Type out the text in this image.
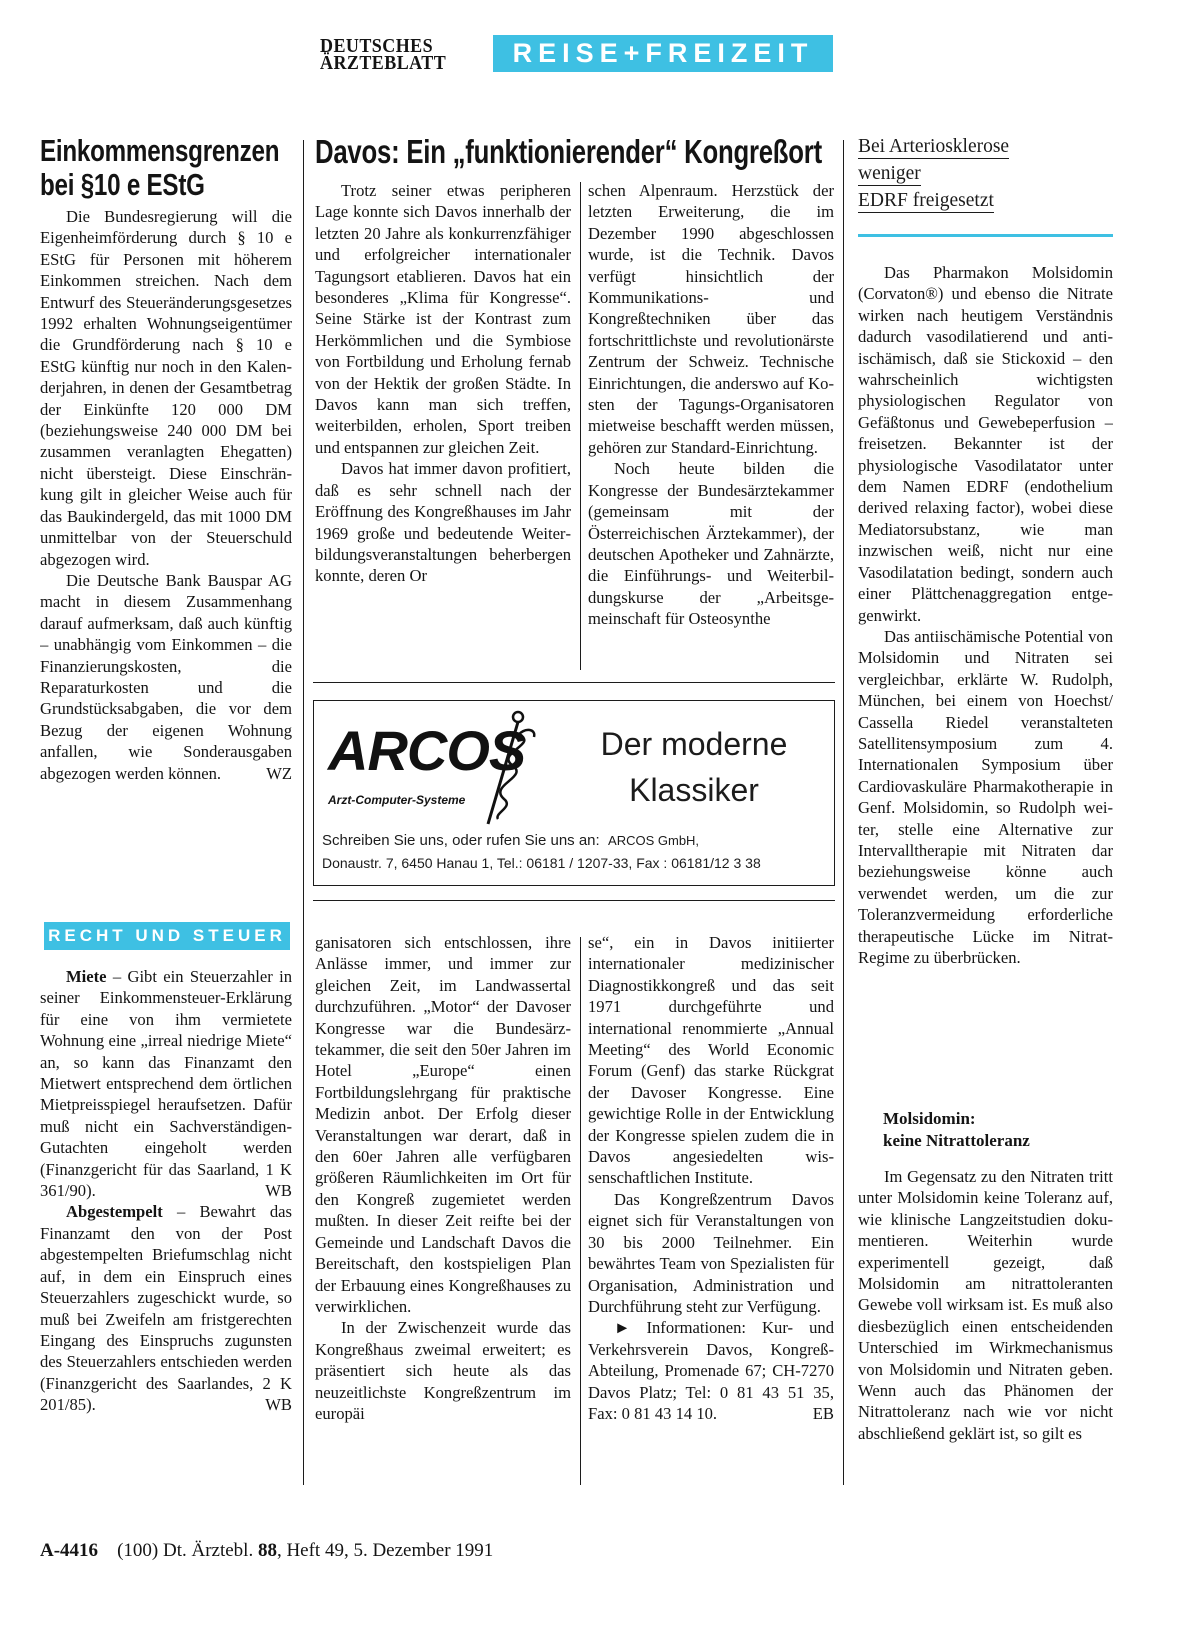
DEUTSCHES
ÄRZTEBLATT REISE+FREIZEIT
Einkommensgrenzen
bei §10 e EStG

Die Bundesregierung will die Eigenheimförderung durch § 10 e EStG für Personen mit höherem Einkommen streichen. Nach dem Entwurf des Steueränderungsgesetzes 1992 erhalten Wohnungseigentümer die Grundförderung nach § 10 e EStG künftig nur noch in den Kalenderjahren, in denen der Gesamtbetrag der Einkünfte 120 000 DM (beziehungsweise 240 000 DM bei zusammen veranlagten Ehegatten) nicht übersteigt. Diese Einschränkung gilt in gleicher Weise auch für das Baukindergeld, das mit 1000 DM unmittelbar von der Steuerschuld abgezogen wird.

Die Deutsche Bank Bauspar AG macht in diesem Zusammenhang darauf aufmerksam, daß auch künftig – unabhängig vom Einkommen – die Finanzierungskosten, die Reparaturkosten und die Grundstücksabgaben, die vor dem Bezug der eigenen Wohnung anfallen, wie Sonderausgaben abgezogen werden können.	WZ

RECHT UND STEUER

Miete – Gibt ein Steuerzahler in seiner Einkommensteuer-Erklärung für eine von ihm vermietete Wohnung eine „irreal niedrige Miete“ an, so kann das Finanzamt den Mietwert entsprechend dem örtlichen Mietpreisspiegel heraufsetzen. Dafür muß nicht ein Sachverständigen-Gutachten eingeholt werden (Finanzgericht für das Saarland, 1 K 361/90).	WB

Abgestempelt – Bewahrt das Finanzamt den von der Post abgestempelten Briefumschlag nicht auf, in dem ein Einspruch eines Steuerzahlers zugeschickt wurde, so muß bei Zweifeln am fristgerechten Eingang des Einspruchs zugunsten des Steuerzahlers entschieden werden (Finanzgericht des Saarlandes, 2 K 201/85).	WB

Davos: Ein „funktionierender“ Kongreßort

Trotz seiner etwas peripheren Lage konnte sich Davos innerhalb der letzten 20 Jahre als konkurrenzfähiger und erfolgreicher internationaler Tagungsort etablieren. Davos hat ein besonderes „Klima für Kongresse“. Seine Stärke ist der Kontrast zum Herkömmlichen und die Symbiose von Fortbildung und Erholung fernab von der Hektik der großen Städte. In Davos kann man sich treffen, weiterbilden, erholen, Sport treiben und entspannen zur gleichen Zeit.

Davos hat immer davon profitiert, daß es sehr schnell nach der Eröffnung des Kongreßhauses im Jahr 1969 große und bedeutende Weiterbildungsveranstaltungen beherbergen konnte, deren Or

schen Alpenraum. Herzstück der letzten Erweiterung, die im Dezember 1990 abgeschlossen wurde, ist die Technik. Davos verfügt hinsichtlich der Kommunikations- und Kongreßtechniken über das fortschrittlichste und revolutionärste Zentrum der Schweiz. Technische Einrichtungen, die anderswo auf Kosten der Tagungs-Organisatoren mietweise beschafft werden müssen, gehören zur Standard-Einrichtung.

Noch heute bilden die Kongresse der Bundesärztekammer (gemeinsam mit der Österreichischen Ärztekammer), der deutschen Apotheker und Zahnärzte, die Einführungs- und Weiterbildungskurse der „Arbeitsgemeinschaft für Osteosynthe

ARCOS
Arzt-Computer-Systeme
Der moderne
Klassiker
Schreiben Sie uns, oder rufen Sie uns an: ARCOS GmbH,
Donaustr. 7, 6450 Hanau 1, Tel.: 06181 / 1207-33, Fax : 06181/12 3 38

ganisatoren sich entschlossen, ihre Anlässe immer, und immer zur gleichen Zeit, im Landwassertal durchzuführen. „Motor“ der Davoser Kongresse war die Bundesärztekammer, die seit den 50er Jahren im Hotel „Europe“ einen Fortbildungslehrgang für praktische Medizin anbot. Der Erfolg dieser Veranstaltungen war derart, daß in den 60er Jahren alle verfügbaren größeren Räumlichkeiten im Ort für den Kongreß zugemietet werden mußten. In dieser Zeit reifte bei der Gemeinde und Landschaft Davos die Bereitschaft, den kostspieligen Plan der Erbauung eines Kongreßhauses zu verwirklichen.

In der Zwischenzeit wurde das Kongreßhaus zweimal erweitert; es präsentiert sich heute als das neuzeitlichste Kongreßzentrum im europäi

se“, ein in Davos initiierter internationaler medizinischer Diagnostikkongreß und das seit 1971 durchgeführte und international renommierte „Annual Meeting“ des World Economic Forum (Genf) das starke Rückgrat der Davoser Kongresse. Eine gewichtige Rolle in der Entwicklung der Kongresse spielen zudem die in Davos angesiedelten wissenschaftlichen Institute.

Das Kongreßzentrum Davos eignet sich für Veranstaltungen von 30 bis 2000 Teilnehmer. Ein bewährtes Team von Spezialisten für Organisation, Administration und Durchführung steht zur Verfügung.

► Informationen: Kur- und Verkehrsverein Davos, Kongreß-Abteilung, Promenade 67; CH-7270 Davos Platz; Tel: 0 81 43 51 35, Fax: 0 81 43 14 10.	EB

Bei Arteriosklerose
weniger
EDRF freigesetzt

Das Pharmakon Molsidomin (Corvaton®) und ebenso die Nitrate wirken nach heutigem Verständnis dadurch vasodilatierend und antiischämisch, daß sie Stickoxid – den wahrscheinlich wichtigsten physiologischen Regulator von Gefäßtonus und Gewebeperfusion – freisetzen. Bekannter ist der physiologische Vasodilatator unter dem Namen EDRF (endothelium derived relaxing factor), wobei diese Mediatorsubstanz, wie man inzwischen weiß, nicht nur eine Vasodilatation bedingt, sondern auch einer Plättchenaggregation entgegenwirkt.

Das antiischämische Potential von Molsidomin und Nitraten sei vergleichbar, erklärte W. Rudolph, München, bei einem von Hoechst/ Cassella Riedel veranstalteten Satellitensymposium zum 4. Internationalen Symposium über Cardiovaskuläre Pharmakotherapie in Genf. Molsidomin, so Rudolph weiter, stelle eine Alternative zur Intervalltherapie mit Nitraten dar beziehungsweise könne auch verwendet werden, um die zur Toleranzvermeidung erforderliche therapeutische Lücke im Nitrat-Regime zu überbrücken.

Molsidomin:
keine Nitrattoleranz

Im Gegensatz zu den Nitraten tritt unter Molsidomin keine Toleranz auf, wie klinische Langzeitstudien dokumentieren. Weiterhin wurde experimentell gezeigt, daß Molsidomin am nitrattoleranten Gewebe voll wirksam ist. Es muß also diesbezüglich einen entscheidenden Unterschied im Wirkmechanismus von Molsidomin und Nitraten geben. Wenn auch das Phänomen der Nitrattoleranz nach wie vor nicht abschließend geklärt ist, so gilt es

A-4416 (100) Dt. Ärztebl. 88, Heft 49, 5. Dezember 1991
